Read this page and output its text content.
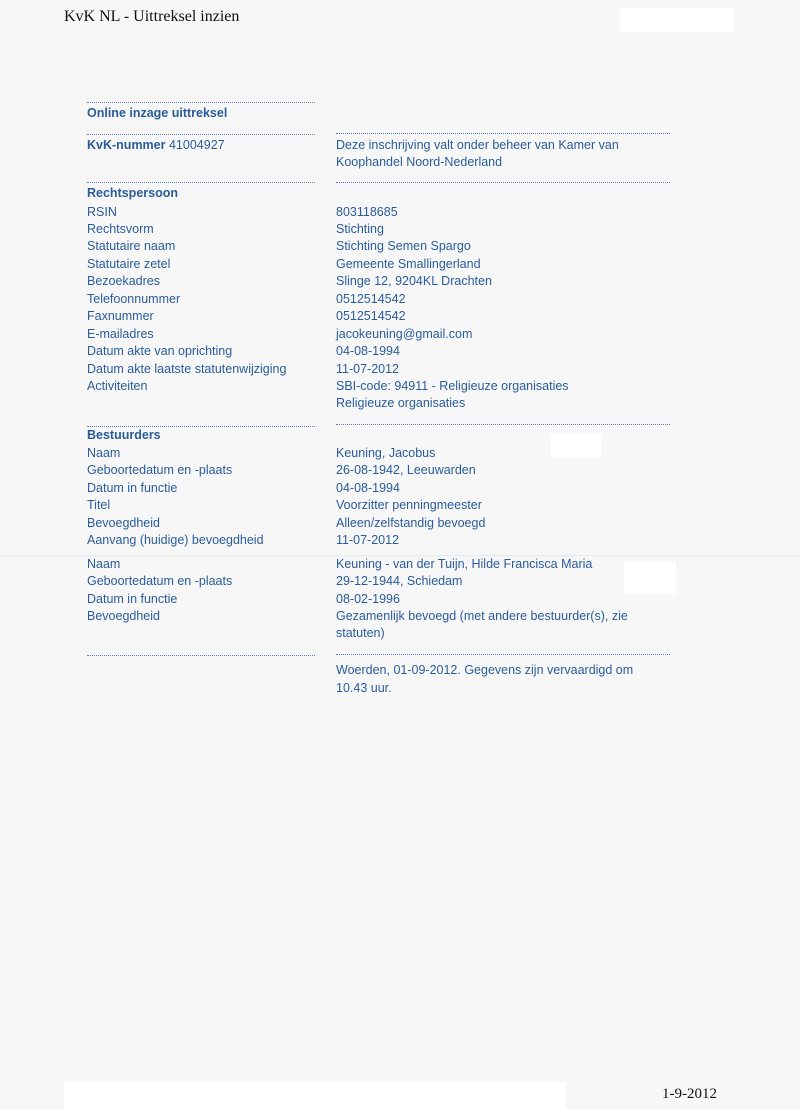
KvK NL - Uittreksel inzien
1-9-2012
Online inzage uittreksel
KvK-nummer 41004927	Deze inschrijving valt onder beheer van Kamer van
Koophandel Noord-Nederland
Rechtspersoon
RSIN	803118685
Rechtsvorm	Stichting
Statutaire naam	Stichting Semen Spargo
Statutaire zetel	Gemeente Smallingerland
Bezoekadres	Slinge 12, 9204KL Drachten
Telefoonnummer	0512514542
Faxnummer	0512514542
E-mailadres	jacokeuning@gmail.com
Datum akte van oprichting	04-08-1994
Datum akte laatste statutenwijziging	11-07-2012
Activiteiten	SBI-code: 94911 - Religieuze organisaties
Religieuze organisaties
Bestuurders
Naam	Keuning, Jacobus
Geboortedatum en -plaats	26-08-1942, Leeuwarden
Datum in functie	04-08-1994
Titel	Voorzitter penningmeester
Bevoegdheid	Alleen/zelfstandig bevoegd
Aanvang (huidige) bevoegdheid	11-07-2012
Naam	Keuning - van der Tuijn, Hilde Francisca Maria
Geboortedatum en -plaats	29-12-1944, Schiedam
Datum in functie	08-02-1996
Bevoegdheid	Gezamenlijk bevoegd (met andere bestuurder(s), zie
statuten)
Woerden, 01-09-2012. Gegevens zijn vervaardigd om
10.43 uur.
